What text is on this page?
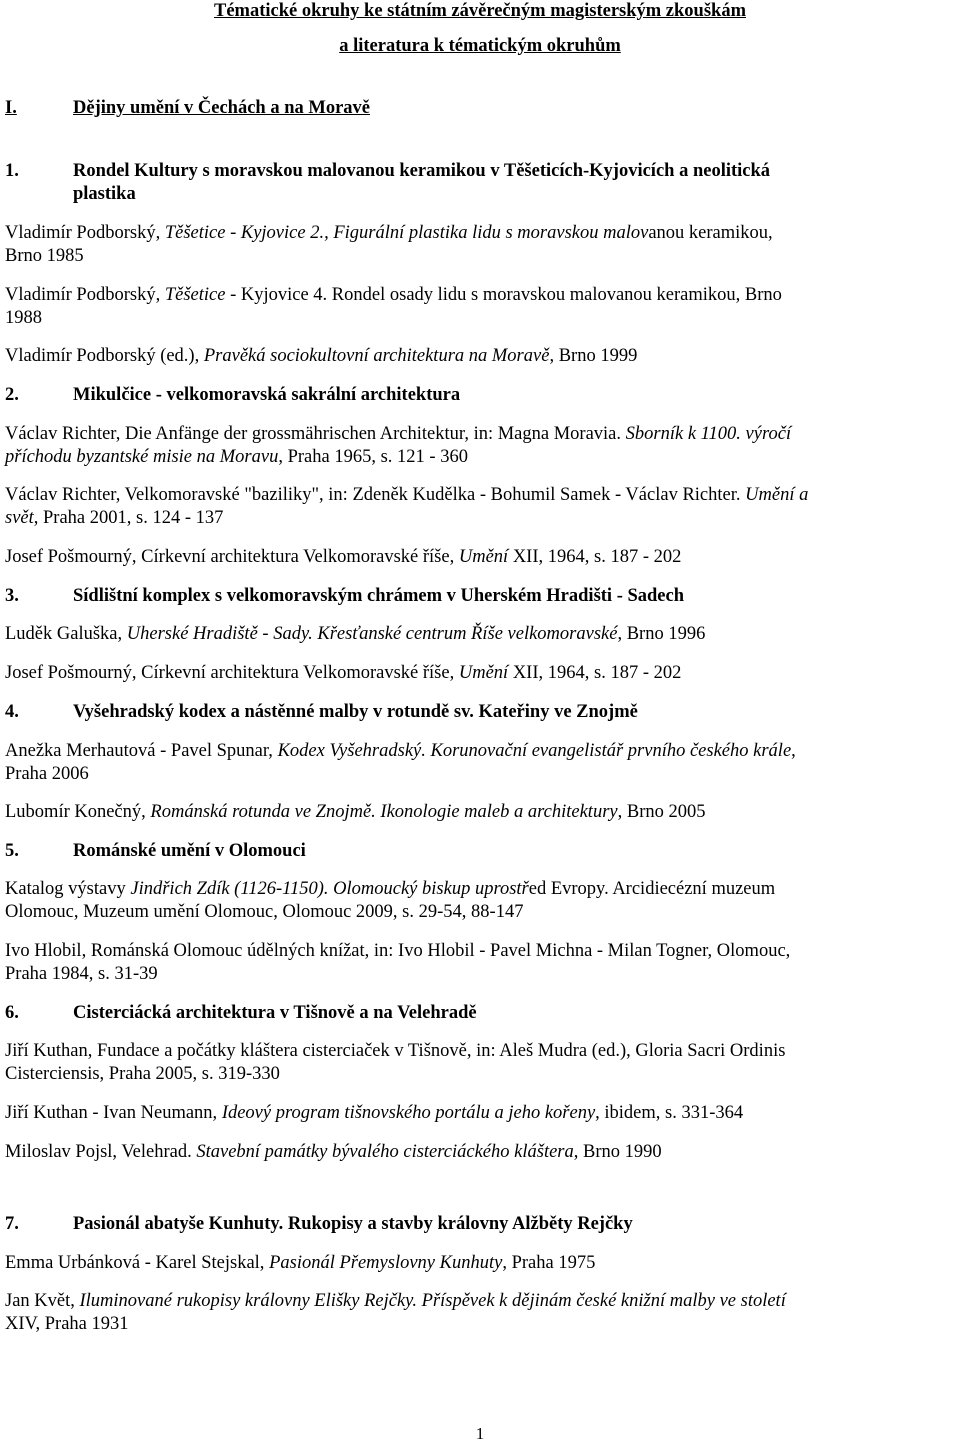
Tématické okruhy ke státním závěrečným magisterským zkouškám
a literatura k tématickým okruhům
I.	Dějiny umění v Čechách a na Moravě
1.	Rondel Kultury s moravskou malovanou keramikou v Těšeticích-Kyjovicích a neolitická
plastika
Vladimír Podborský, Těšetice - Kyjovice 2., Figurální plastika lidu s moravskou malovanou keramikou,
Brno 1985
Vladimír Podborský, Těšetice - Kyjovice 4. Rondel osady lidu s moravskou malovanou keramikou, Brno
1988
Vladimír Podborský (ed.), Pravěká sociokultovní architektura na Moravě, Brno 1999
2.	Mikulčice - velkomoravská sakrální architektura
Václav Richter, Die Anfänge der grossmährischen Architektur, in: Magna Moravia. Sborník k 1100. výročí
příchodu byzantské misie na Moravu, Praha 1965, s. 121 - 360
Václav Richter, Velkomoravské "baziliky", in: Zdeněk Kudělka - Bohumil Samek - Václav Richter. Umění a
svět, Praha 2001, s. 124 - 137
Josef Pošmourný, Církevní architektura Velkomoravské říše, Umění XII, 1964, s. 187 - 202
3.	Sídlištní komplex s velkomoravským chrámem v Uherském Hradišti - Sadech
Luděk Galuška, Uherské Hradiště - Sady. Křesťanské centrum Říše velkomoravské, Brno 1996
Josef Pošmourný, Církevní architektura Velkomoravské říše, Umění XII, 1964, s. 187 - 202
4.	Vyšehradský kodex a nástěnné malby v rotundě sv. Kateřiny ve Znojmě
Anežka Merhautová - Pavel Spunar, Kodex Vyšehradský. Korunovační evangelistář prvního českého krále,
Praha 2006
Lubomír Konečný, Románská rotunda ve Znojmě. Ikonologie maleb a architektury, Brno 2005
5.	Románské umění v Olomouci
Katalog výstavy Jindřich Zdík (1126-1150). Olomoucký biskup uprostřed Evropy. Arcidiecézní muzeum
Olomouc, Muzeum umění Olomouc, Olomouc 2009, s. 29-54, 88-147
Ivo Hlobil, Románská Olomouc údělných knížat, in: Ivo Hlobil - Pavel Michna - Milan Togner, Olomouc,
Praha 1984, s. 31-39
6.	Cisterciácká architektura v Tišnově a na Velehradě
Jiří Kuthan, Fundace a počátky kláštera cisterciaček v Tišnově, in: Aleš Mudra (ed.), Gloria Sacri Ordinis
Cisterciensis, Praha 2005, s. 319-330
Jiří Kuthan - Ivan Neumann, Ideový program tišnovského portálu a jeho kořeny, ibidem, s. 331-364
Miloslav Pojsl, Velehrad. Stavební památky bývalého cisterciáckého kláštera, Brno 1990
7.	Pasionál abatyše Kunhuty. Rukopisy a stavby královny Alžběty Rejčky
Emma Urbánková - Karel Stejskal, Pasionál Přemyslovny Kunhuty, Praha 1975
Jan Květ, Iluminované rukopisy královny Elišky Rejčky. Příspěvek k dějinám české knižní malby ve století
XIV, Praha 1931
1
